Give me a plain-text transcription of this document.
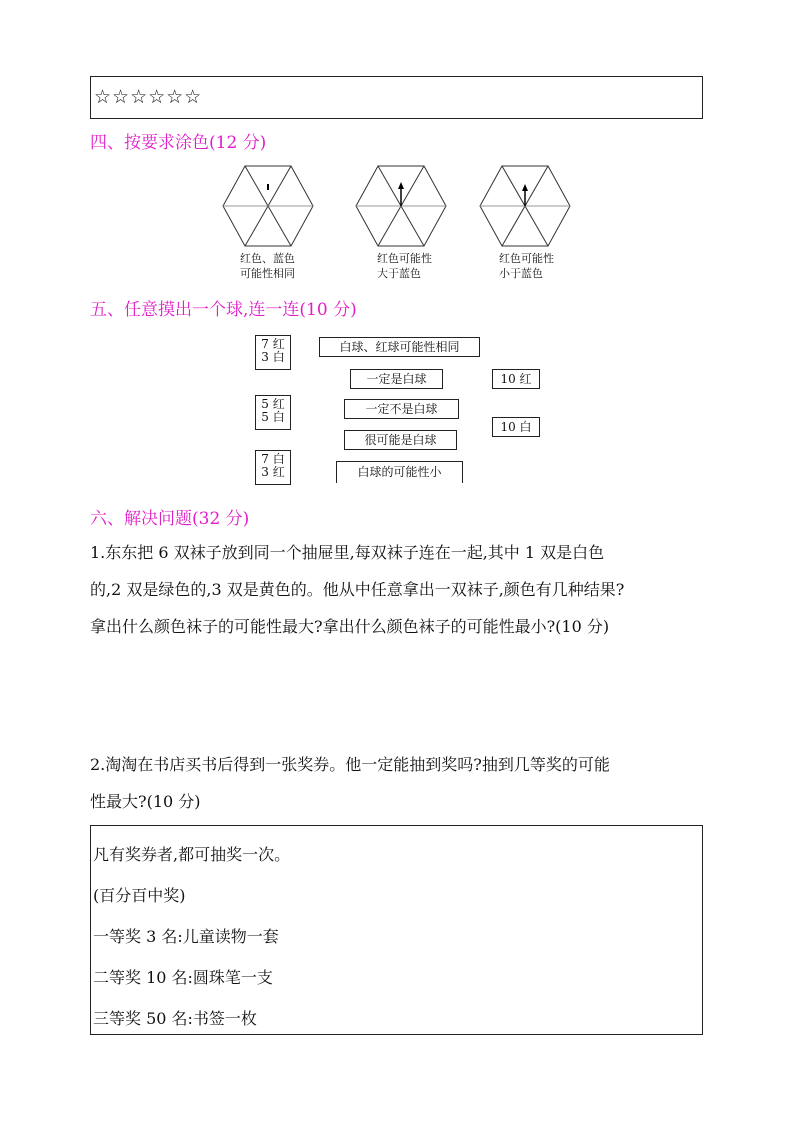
☆☆☆☆☆☆
四、按要求涂色(12 分)
红色、蓝色
可能性相同
红色可能性
大于蓝色
红色可能性
小于蓝色
五、任意摸出一个球,连一连(10 分)
7 红
3 白
5 红
5 白
7 白
3 红
白球、红球可能性相同
一定是白球
一定不是白球
很可能是白球
白球的可能性小
10 红
10 白
六、解决问题(32 分)
1.东东把 6 双袜子放到同一个抽屉里,每双袜子连在一起,其中 1 双是白色
的,2 双是绿色的,3 双是黄色的。他从中任意拿出一双袜子,颜色有几种结果?
拿出什么颜色袜子的可能性最大?拿出什么颜色袜子的可能性最小?(10 分)
2.淘淘在书店买书后得到一张奖券。他一定能抽到奖吗?抽到几等奖的可能
性最大?(10 分)
凡有奖券者,都可抽奖一次。
(百分百中奖)
一等奖 3 名:儿童读物一套
二等奖 10 名:圆珠笔一支
三等奖 50 名:书签一枚
